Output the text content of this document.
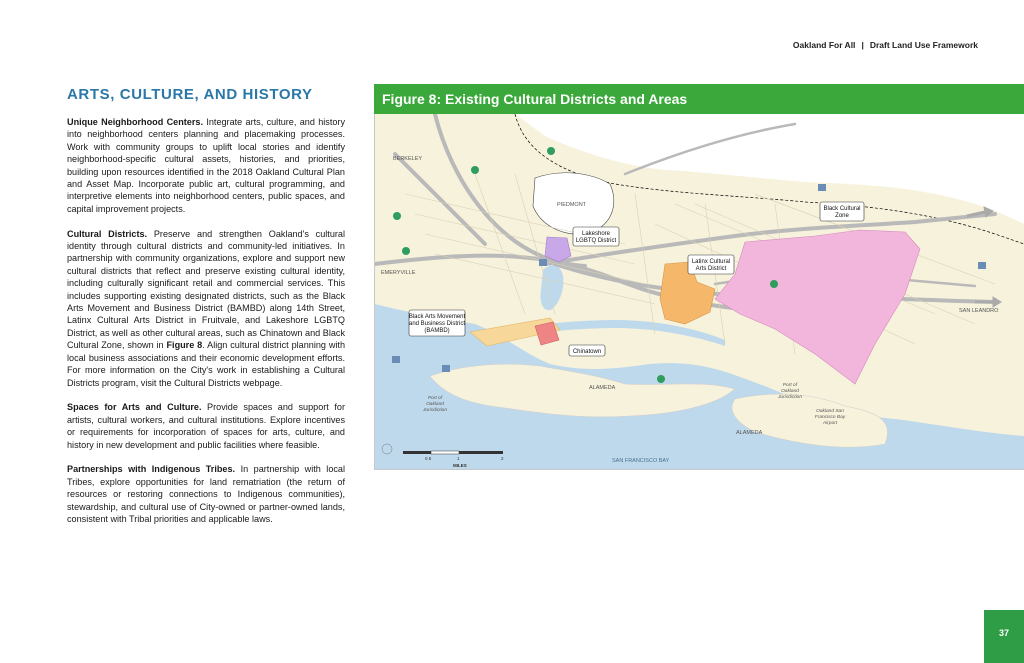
Oakland For All | Draft Land Use Framework
ARTS, CULTURE, AND HISTORY

Unique Neighborhood Centers. Integrate arts, culture, and history into neighborhood centers planning and placemaking processes. Work with community groups to uplift local stories and identify neighborhood-specific cultural assets, histories, and priorities, building upon resources identified in the 2018 Oakland Cultural Plan and Asset Map. Incorporate public art, cultural programming, and interpretive elements into neighborhood centers, public spaces, and capital improvement projects.

Cultural Districts. Preserve and strengthen Oakland's cultural identity through cultural districts and community-led initiatives. In partnership with community organizations, explore and support new cultural districts that reflect and preserve existing cultural identity, including culturally significant retail and commercial services. This includes supporting existing designated districts, such as the Black Arts Movement and Business District (BAMBD) along 14th Street, Latinx Cultural Arts District in Fruitvale, and Lakeshore LGBTQ District, as well as other cultural areas, such as Chinatown and Black Cultural Zone, shown in Figure 8. Align cultural district planning with local business associations and their economic development efforts. For more information on the City's work in establishing a Cultural Districts program, visit the Cultural Districts webpage.

Spaces for Arts and Culture. Provide spaces and support for artists, cultural workers, and cultural institutions. Explore incentives or requirements for incorporation of spaces for arts, culture, and history in new development and public facilities where feasible.

Partnerships with Indigenous Tribes. In partnership with local Tribes, explore opportunities for land rematriation (the return of resources or restoring connections to Indigenous communities), stewardship, and cultural use of City-owned or partner-owned lands, consistent with Tribal priorities and applicable laws.

Figure 8: Existing Cultural Districts and Areas
BERKELEY
EMERYVILLE
PIEDMONT
ALAMEDA
ALAMEDA
SAN LEANDRO
SAN FRANCISCO BAY
Port of
Oakland
Jurisdiction
Port of
Oakland
Jurisdiction
Oakland San
Francisco Bay
Airport
Lakeshore
LGBTQ District
Latinx Cultural
Arts District
Black Cultural
Zone
Black Arts Movement
and Business District
(BAMBD)
Chinatown
0.5	1	2
MILES
37
